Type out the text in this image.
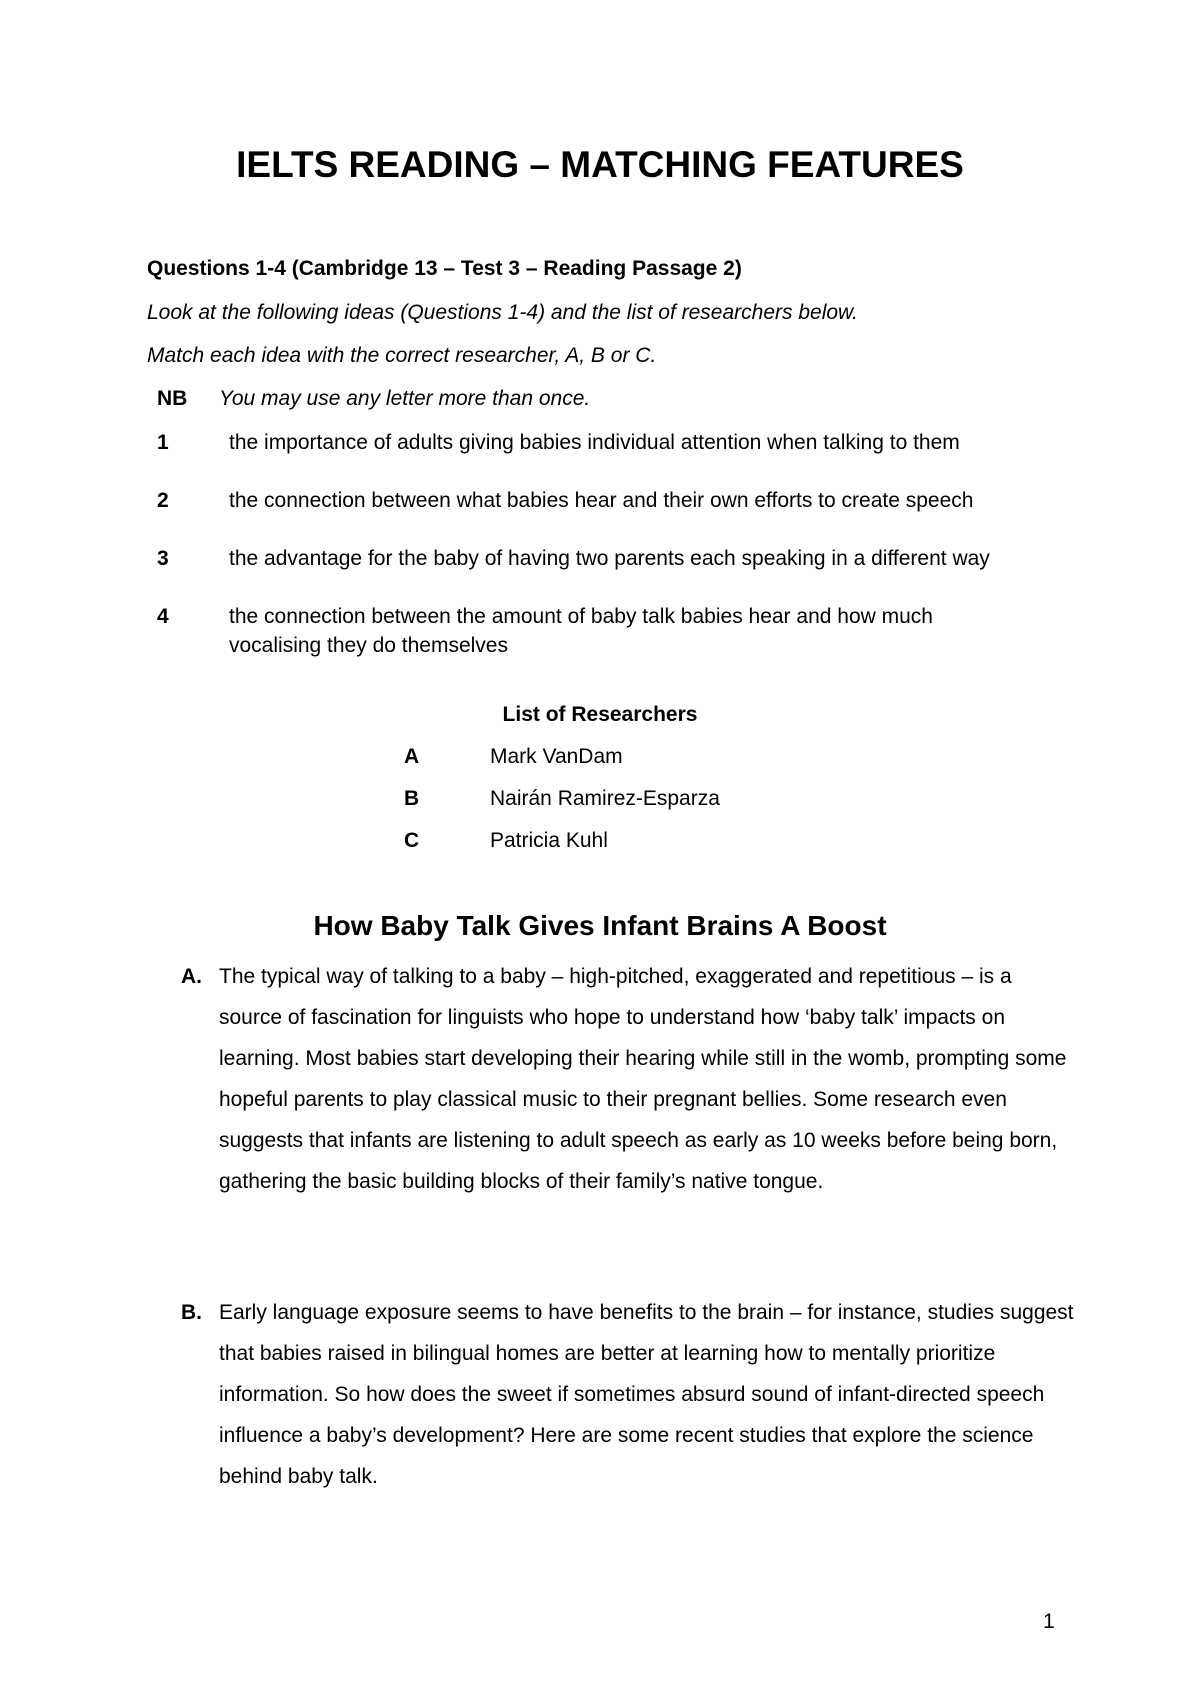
IELTS READING – MATCHING FEATURES
Questions 1-4 (Cambridge 13 – Test 3 – Reading Passage 2)
Look at the following ideas (Questions 1-4) and the list of researchers below.
Match each idea with the correct researcher, A, B or C.
NB You may use any letter more than once.
1	the importance of adults giving babies individual attention when talking to them
2	the connection between what babies hear and their own efforts to create speech
3	the advantage for the baby of having two parents each speaking in a different way
4	the connection between the amount of baby talk babies hear and how much vocalising they do themselves
List of Researchers
A	Mark VanDam
B	Nairán Ramirez-Esparza
C	Patricia Kuhl
How Baby Talk Gives Infant Brains A Boost
A. The typical way of talking to a baby – high-pitched, exaggerated and repetitious – is a source of fascination for linguists who hope to understand how ‘baby talk’ impacts on learning. Most babies start developing their hearing while still in the womb, prompting some hopeful parents to play classical music to their pregnant bellies. Some research even suggests that infants are listening to adult speech as early as 10 weeks before being born, gathering the basic building blocks of their family’s native tongue.
B. Early language exposure seems to have benefits to the brain – for instance, studies suggest that babies raised in bilingual homes are better at learning how to mentally prioritize information. So how does the sweet if sometimes absurd sound of infant-directed speech influence a baby’s development? Here are some recent studies that explore the science behind baby talk.
1
